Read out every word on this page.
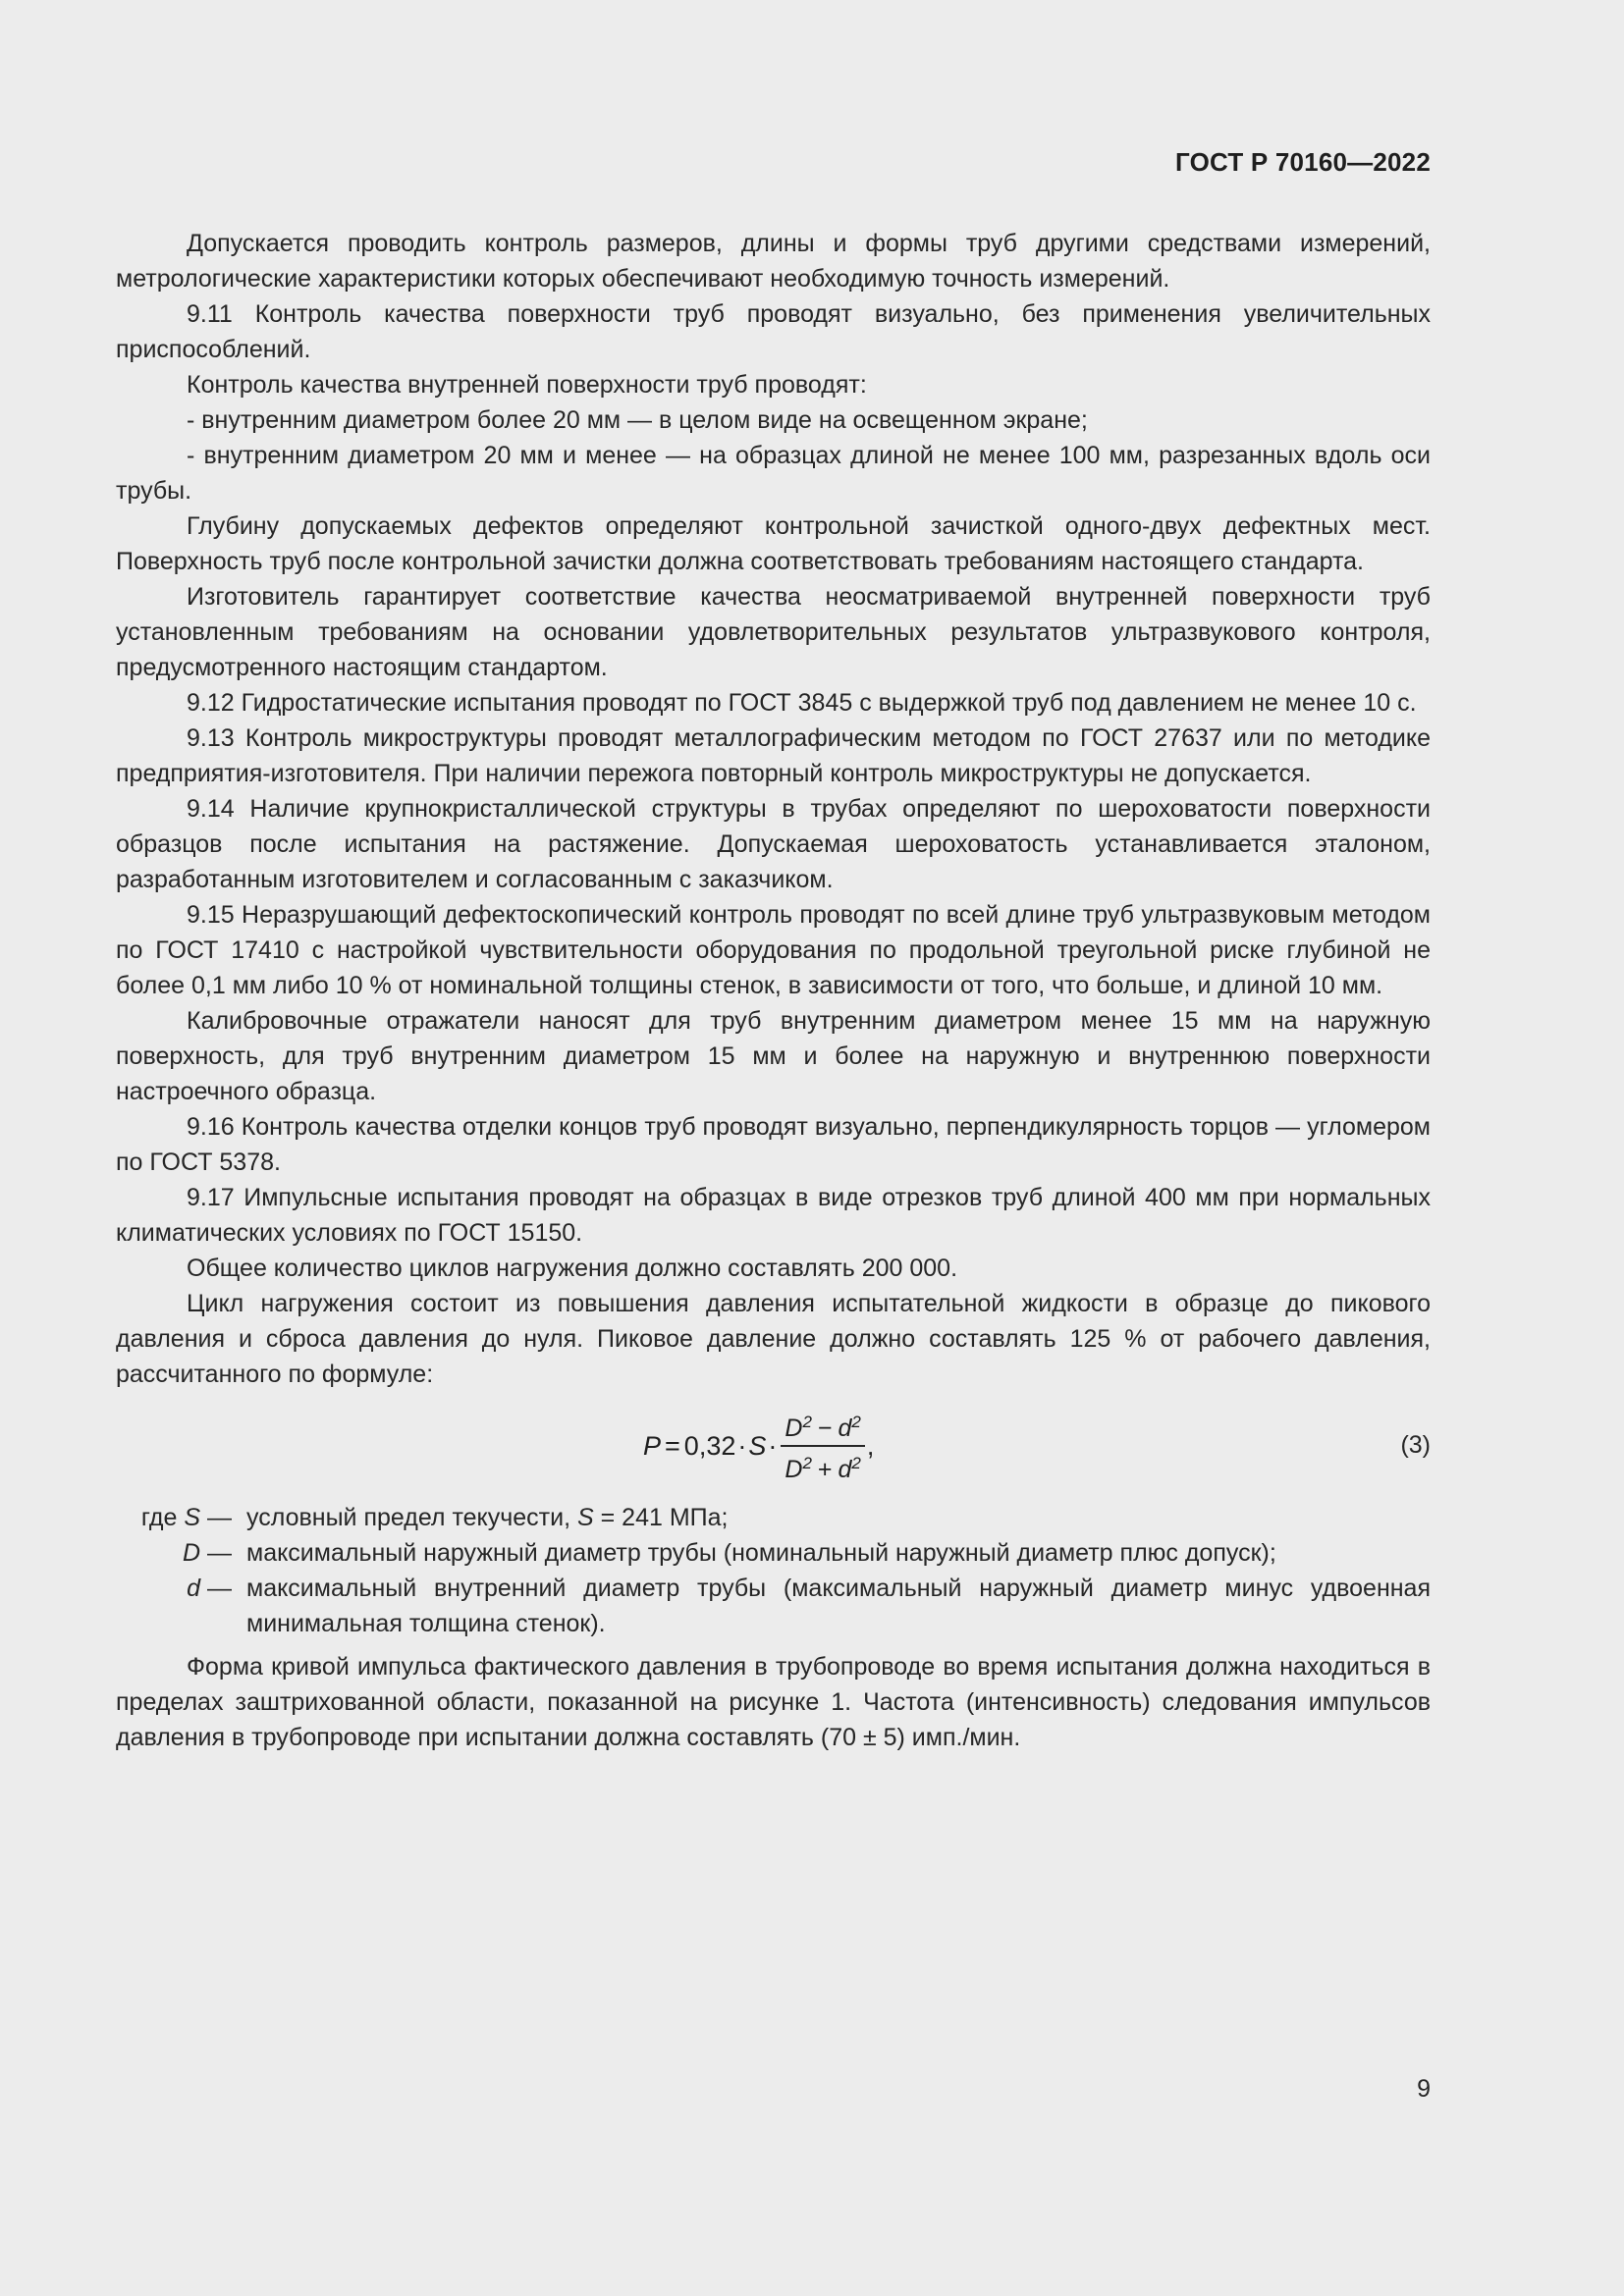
ГОСТ Р 70160—2022

Допускается проводить контроль размеров, длины и формы труб другими средствами измерений, метрологические характеристики которых обеспечивают необходимую точность измерений.

9.11 Контроль качества поверхности труб проводят визуально, без применения увеличительных приспособлений.

Контроль качества внутренней поверхности труб проводят:

- внутренним диаметром более 20 мм — в целом виде на освещенном экране;

- внутренним диаметром 20 мм и менее — на образцах длиной не менее 100 мм, разрезанных вдоль оси трубы.

Глубину допускаемых дефектов определяют контрольной зачисткой одного-двух дефектных мест. Поверхность труб после контрольной зачистки должна соответствовать требованиям настоящего стандарта.

Изготовитель гарантирует соответствие качества неосматриваемой внутренней поверхности труб установленным требованиям на основании удовлетворительных результатов ультразвукового контроля, предусмотренного настоящим стандартом.

9.12 Гидростатические испытания проводят по ГОСТ 3845 с выдержкой труб под давлением не менее 10 с.

9.13 Контроль микроструктуры проводят металлографическим методом по ГОСТ 27637 или по методике предприятия-изготовителя. При наличии пережога повторный контроль микроструктуры не допускается.

9.14 Наличие крупнокристаллической структуры в трубах определяют по шероховатости поверхности образцов после испытания на растяжение. Допускаемая шероховатость устанавливается эталоном, разработанным изготовителем и согласованным с заказчиком.

9.15 Неразрушающий дефектоскопический контроль проводят по всей длине труб ультразвуковым методом по ГОСТ 17410 с настройкой чувствительности оборудования по продольной треугольной риске глубиной не более 0,1 мм либо 10 % от номинальной толщины стенок, в зависимости от того, что больше, и длиной 10 мм.

Калибровочные отражатели наносят для труб внутренним диаметром менее 15 мм на наружную поверхность, для труб внутренним диаметром 15 мм и более на наружную и внутреннюю поверхности настроечного образца.

9.16 Контроль качества отделки концов труб проводят визуально, перпендикулярность торцов — угломером по ГОСТ 5378.

9.17 Импульсные испытания проводят на образцах в виде отрезков труб длиной 400 мм при нормальных климатических условиях по ГОСТ 15150.

Общее количество циклов нагружения должно составлять 200 000.

Цикл нагружения состоит из повышения давления испытательной жидкости в образце до пикового давления и сброса давления до нуля. Пиковое давление должно составлять 125 % от рабочего давления, рассчитанного по формуле:

$P = 0,32 \cdot S \cdot \frac{D^2 - d^2}{D^2 + d^2}$ ,	(3)
где S — условный предел текучести, S = 241 МПа;
D — максимальный наружный диаметр трубы (номинальный наружный диаметр плюс допуск);
d — максимальный внутренний диаметр трубы (максимальный наружный диаметр минус удвоенная минимальная толщина стенок).

Форма кривой импульса фактического давления в трубопроводе во время испытания должна находиться в пределах заштрихованной области, показанной на рисунке 1. Частота (интенсивность) следования импульсов давления в трубопроводе при испытании должна составлять (70 ± 5) имп./мин.

9
